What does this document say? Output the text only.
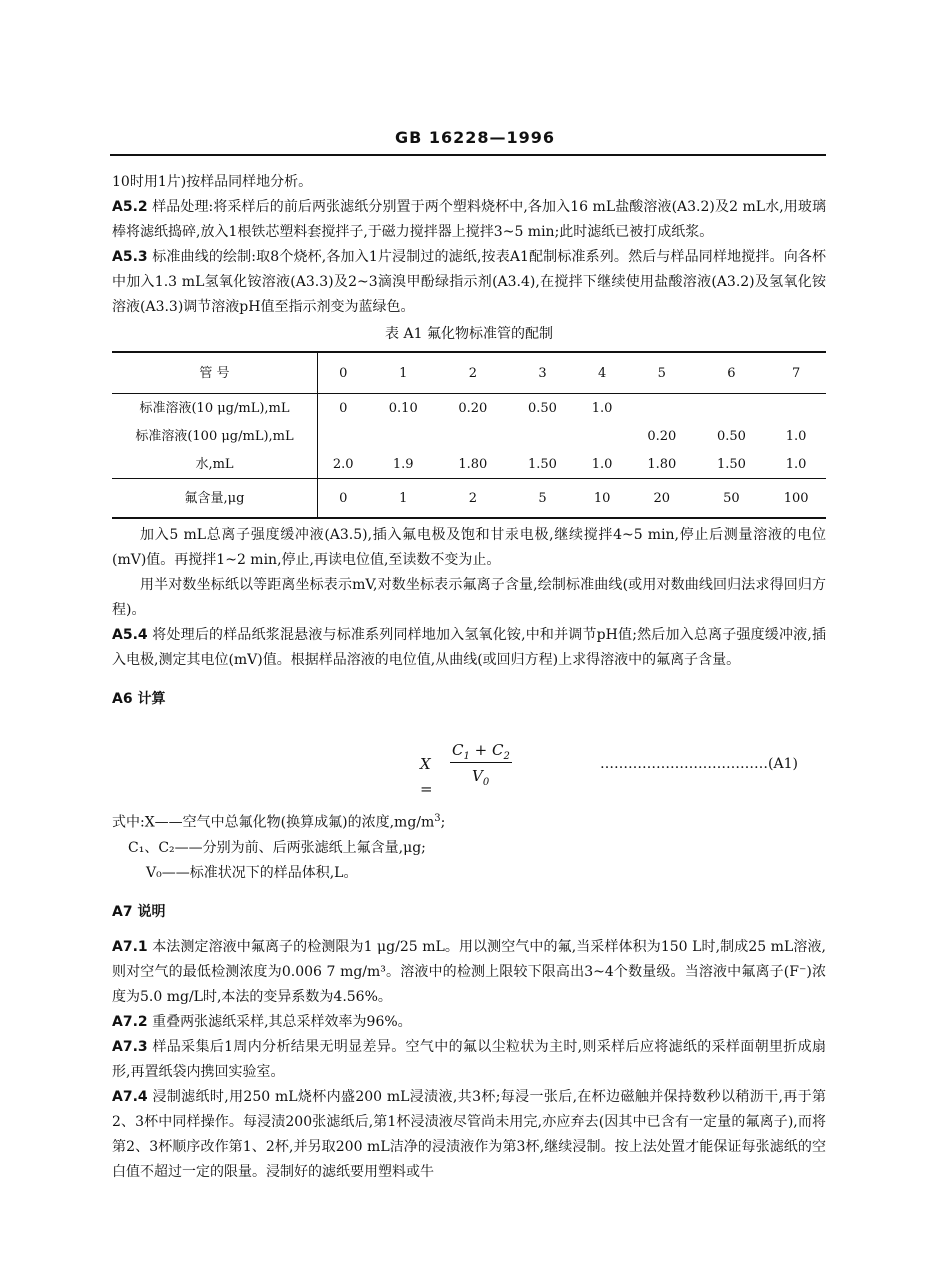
GB 16228—1996

10时用1片)按样品同样地分析。

A5.2 样品处理:将采样后的前后两张滤纸分别置于两个塑料烧杯中,各加入16 mL盐酸溶液(A3.2)及2 mL水,用玻璃棒将滤纸捣碎,放入1根铁芯塑料套搅拌子,于磁力搅拌器上搅拌3~5 min;此时滤纸已被打成纸浆。

A5.3 标准曲线的绘制:取8个烧杯,各加入1片浸制过的滤纸,按表A1配制标准系列。然后与样品同样地搅拌。向各杯中加入1.3 mL氢氧化铵溶液(A3.3)及2~3滴溴甲酚绿指示剂(A3.4),在搅拌下继续使用盐酸溶液(A3.2)及氢氧化铵溶液(A3.3)调节溶液pH值至指示剂变为蓝绿色。

表 A1 氟化物标准管的配制
管 号	0	1	2	3	4	5	6	7
标准溶液(10 μg/mL),mL	0	0.10	0.20	0.50	1.0			
标准溶液(100 μg/mL),mL						0.20	0.50	1.0
水,mL	2.0	1.9	1.80	1.50	1.0	1.80	1.50	1.0
氟含量,μg	0	1	2	5	10	20	50	100

加入5 mL总离子强度缓冲液(A3.5),插入氟电极及饱和甘汞电极,继续搅拌4~5 min,停止后测量溶液的电位(mV)值。再搅拌1~2 min,停止,再读电位值,至读数不变为止。

用半对数坐标纸以等距离坐标表示mV,对数坐标表示氟离子含量,绘制标准曲线(或用对数曲线回归法求得回归方程)。

A5.4 将处理后的样品纸浆混悬液与标准系列同样地加入氢氧化铵,中和并调节pH值;然后加入总离子强度缓冲液,插入电极,测定其电位(mV)值。根据样品溶液的电位值,从曲线(或回归方程)上求得溶液中的氟离子含量。

A6 计算
X =
$C_1 + C_2$
$V_0$
………………………………(A1)

式中:X——空气中总氟化物(换算成氟)的浓度$,mg/m^3$;

C₁、C₂——分别为前、后两张滤纸上氟含量,μg;

V₀——标准状况下的样品体积,L。

A7 说明

A7.1 本法测定溶液中氟离子的检测限为1 μg/25 mL。用以测空气中的氟,当采样体积为150 L时,制成25 mL溶液,则对空气的最低检测浓度为0.006 7 mg/m³。溶液中的检测上限较下限高出3~4个数量级。当溶液中氟离子(F⁻)浓度为5.0 mg/L时,本法的变异系数为4.56%。

A7.2 重叠两张滤纸采样,其总采样效率为96%。

A7.3 样品采集后1周内分析结果无明显差异。空气中的氟以尘粒状为主时,则采样后应将滤纸的采样面朝里折成扇形,再置纸袋内携回实验室。

A7.4 浸制滤纸时,用250 mL烧杯内盛200 mL浸渍液,共3杯;每浸一张后,在杯边磁触并保持数秒以稍沥干,再于第2、3杯中同样操作。每浸渍200张滤纸后,第1杯浸渍液尽管尚未用完,亦应弃去(因其中已含有一定量的氟离子),而将第2、3杯顺序改作第1、2杯,并另取200 mL洁净的浸渍液作为第3杯,继续浸制。按上法处置才能保证每张滤纸的空白值不超过一定的限量。浸制好的滤纸要用塑料或牛
